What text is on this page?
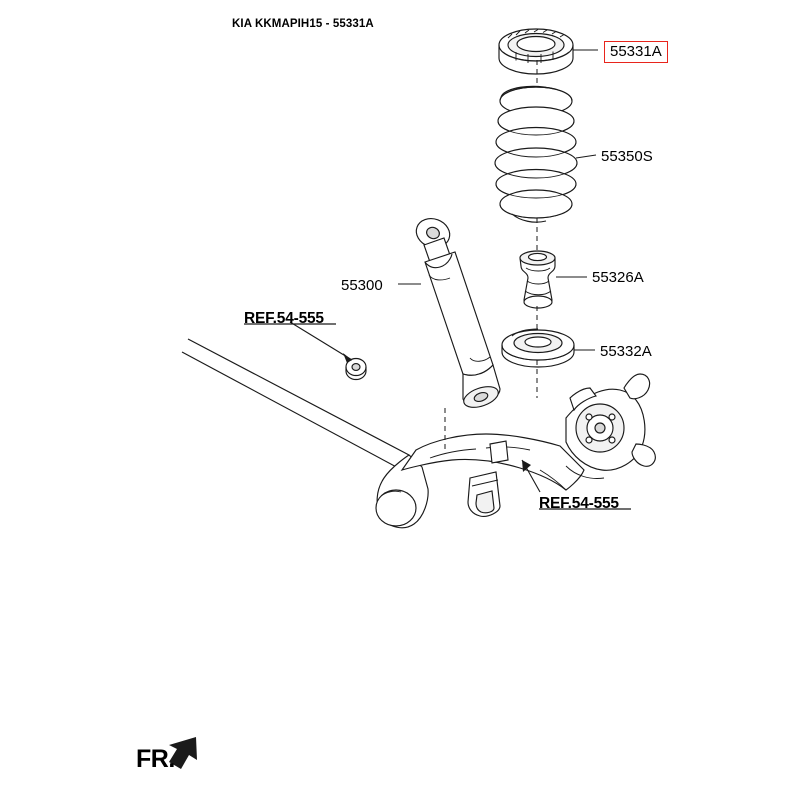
KIA KKMAPIH15 - 55331A
55331A
55350S
55326A
55332A
55300
REF.54-555
REF.54-555
FR.
